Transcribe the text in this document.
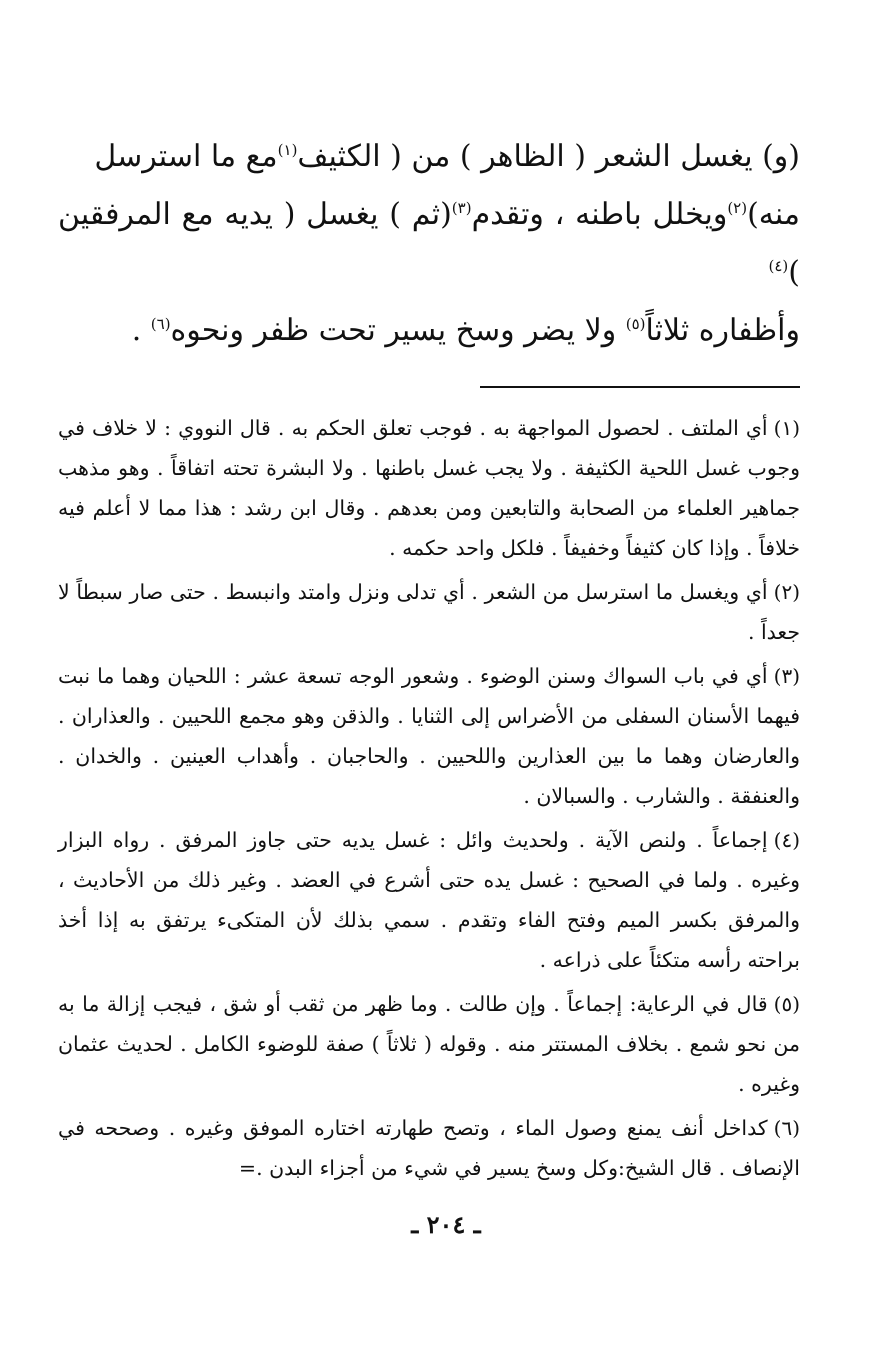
(و) يغسل الشعر ( الظاهر ) من ( الكثيف$^{(١)}$مع ما استرسل

منه)$^{(٢)}$ويخلل باطنه ، وتقدم$^{(٣)}$(ثم ) يغسل ( يديه مع المرفقين )$^{(٤)}$

وأظفاره ثلاثاً$^{(٥)}$ ولا يضر وسخ يسير تحت ظفر ونحوه$^{(٦)}$ .

(١)أي الملتف . لحصول المواجهة به . فوجب تعلق الحكم به . قال النووي : لا خلاف في وجوب غسل اللحية الكثيفة . ولا يجب غسل باطنها . ولا البشرة تحته اتفاقاً . وهو مذهب جماهير العلماء من الصحابة والتابعين ومن بعدهم . وقال ابن رشد : هذا مما لا أعلم فيه خلافاً . وإذا كان كثيفاً وخفيفاً . فلكل واحد حكمه .

(٢)أي ويغسل ما استرسل من الشعر . أي تدلى ونزل وامتد وانبسط . حتى صار سبطاً لا جعداً .

(٣)أي في باب السواك وسنن الوضوء . وشعور الوجه تسعة عشر : اللحيان وهما ما نبت فيهما الأسنان السفلى من الأضراس إلى الثنايا . والذقن وهو مجمع اللحيين . والعذاران . والعارضان وهما ما بين العذارين واللحيين . والحاجبان . وأهداب العينين . والخدان . والعنفقة . والشارب . والسبالان .

(٤)إجماعاً . ولنص الآية . ولحديث وائل : غسل يديه حتى جاوز المرفق . رواه البزار وغيره . ولما في الصحيح : غسل يده حتى أشرع في العضد . وغير ذلك من الأحاديث ، والمرفق بكسر الميم وفتح الفاء وتقدم . سمي بذلك لأن المتكىء يرتفق به إذا أخذ براحته رأسه متكئاً على ذراعه .

(٥)قال في الرعاية: إجماعاً . وإن طالت . وما ظهر من ثقب أو شق ، فيجب إزالة ما به من نحو شمع . بخلاف المستتر منه . وقوله ( ثلاثاً ) صفة للوضوء الكامل . لحديث عثمان وغيره .

(٦)كداخل أنف يمنع وصول الماء ، وتصح طهارته اختاره الموفق وغيره . وصححه في الإنصاف . قال الشيخ:وكل وسخ يسير في شيء من أجزاء البدن .=

ـ ٢٠٤ ـ
